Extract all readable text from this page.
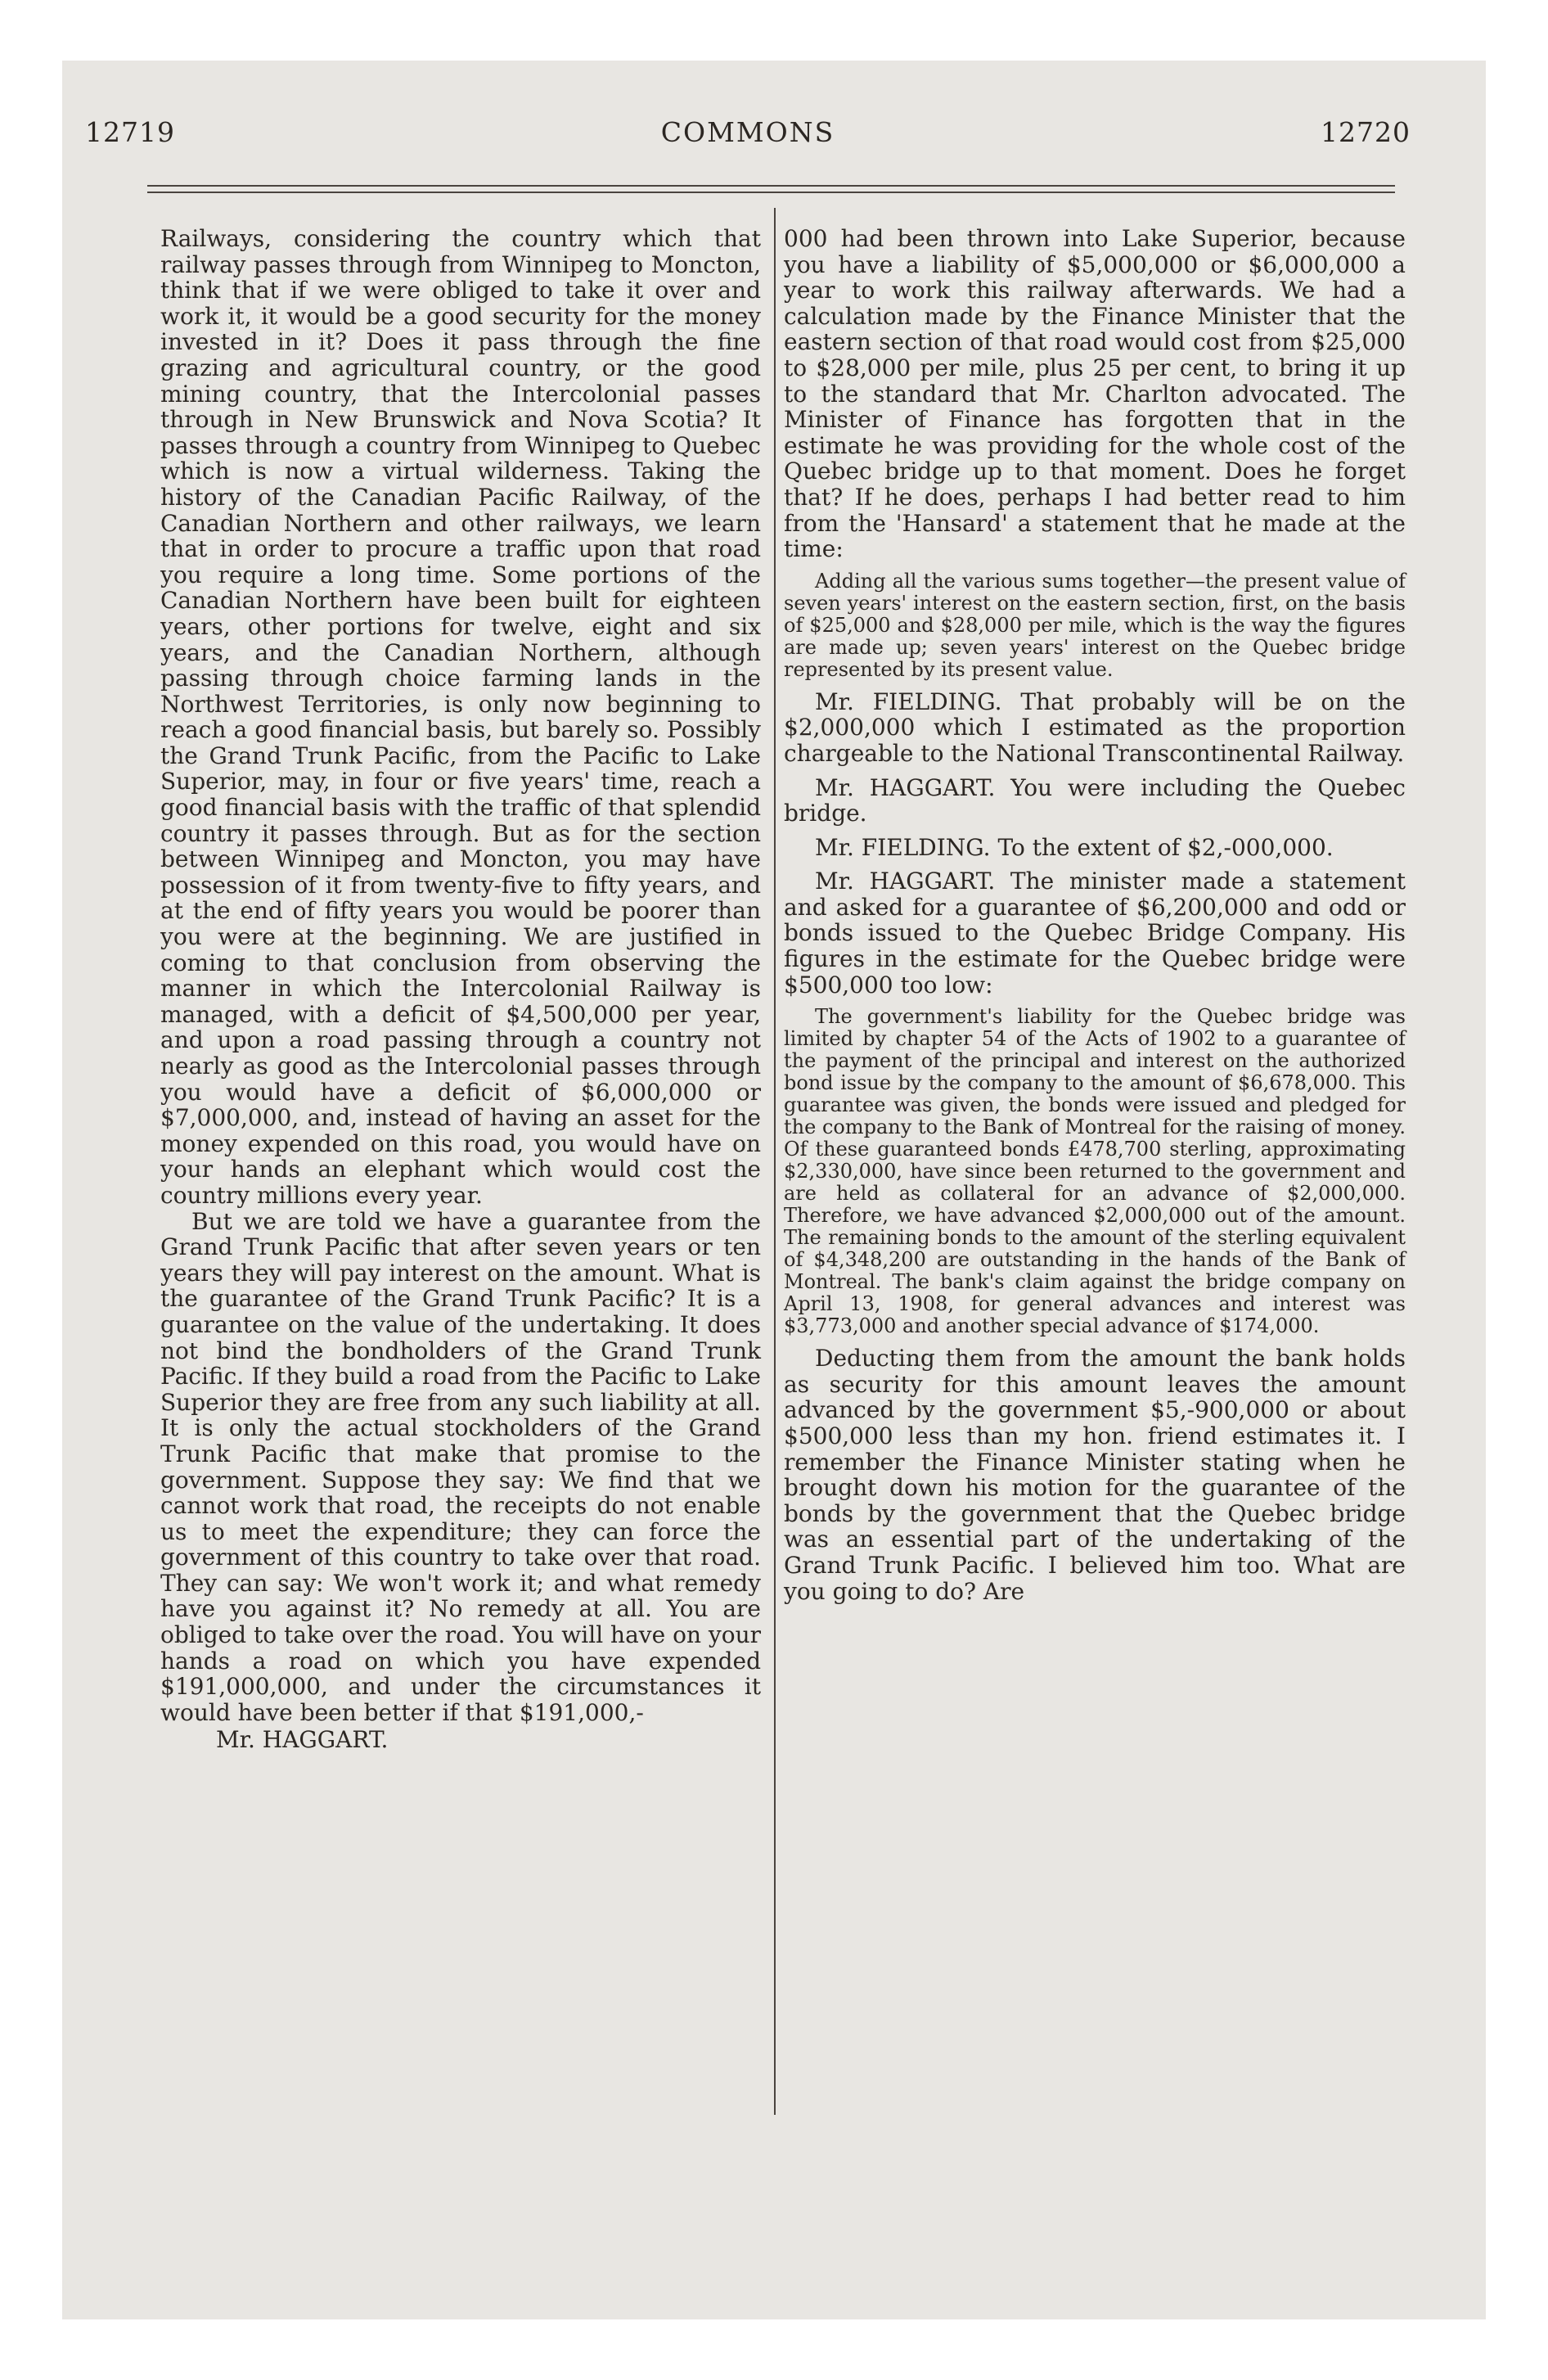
12719	COMMONS	12720

Railways, considering the country which that railway passes through from Winnipeg to Moncton, think that if we were obliged to take it over and work it, it would be a good security for the money invested in it? Does it pass through the fine grazing and agricultural country, or the good mining country, that the Intercolonial passes through in New Brunswick and Nova Scotia? It passes through a country from Winnipeg to Quebec which is now a virtual wilderness. Taking the history of the Canadian Pacific Railway, of the Canadian Northern and other railways, we learn that in order to procure a traffic upon that road you require a long time. Some portions of the Canadian Northern have been built for eighteen years, other portions for twelve, eight and six years, and the Canadian Northern, although passing through choice farming lands in the Northwest Territories, is only now beginning to reach a good financial basis, but barely so. Possibly the Grand Trunk Pacific, from the Pacific to Lake Superior, may, in four or five years' time, reach a good financial basis with the traffic of that splendid country it passes through. But as for the section between Winnipeg and Moncton, you may have possession of it from twenty-five to fifty years, and at the end of fifty years you would be poorer than you were at the beginning. We are justified in coming to that conclusion from observing the manner in which the Intercolonial Railway is managed, with a deficit of $4,500,000 per year, and upon a road passing through a country not nearly as good as the Intercolonial passes through you would have a deficit of $6,000,000 or $7,000,000, and, instead of having an asset for the money expended on this road, you would have on your hands an elephant which would cost the country millions every year.

But we are told we have a guarantee from the Grand Trunk Pacific that after seven years or ten years they will pay interest on the amount. What is the guarantee of the Grand Trunk Pacific? It is a guarantee on the value of the undertaking. It does not bind the bondholders of the Grand Trunk Pacific. If they build a road from the Pacific to Lake Superior they are free from any such liability at all. It is only the actual stockholders of the Grand Trunk Pacific that make that promise to the government. Suppose they say: We find that we cannot work that road, the receipts do not enable us to meet the expenditure; they can force the government of this country to take over that road. They can say: We won't work it; and what remedy have you against it? No remedy at all. You are obliged to take over the road. You will have on your hands a road on which you have expended $191,000,000, and under the circumstances it would have been better if that $191,000,-

Mr. HAGGART.

000 had been thrown into Lake Superior, because you have a liability of $5,000,000 or $6,000,000 a year to work this railway afterwards. We had a calculation made by the Finance Minister that the eastern section of that road would cost from $25,000 to $28,000 per mile, plus 25 per cent, to bring it up to the standard that Mr. Charlton advocated. The Minister of Finance has forgotten that in the estimate he was providing for the whole cost of the Quebec bridge up to that moment. Does he forget that? If he does, perhaps I had better read to him from the 'Hansard' a statement that he made at the time:

Adding all the various sums together—the present value of seven years' interest on the eastern section, first, on the basis of $25,000 and $28,000 per mile, which is the way the figures are made up; seven years' interest on the Quebec bridge represented by its present value.

Mr. FIELDING. That probably will be on the $2,000,000 which I estimated as the proportion chargeable to the National Transcontinental Railway.

Mr. HAGGART. You were including the Quebec bridge.

Mr. FIELDING. To the extent of $2,-000,000.

Mr. HAGGART. The minister made a statement and asked for a guarantee of $6,200,000 and odd or bonds issued to the Quebec Bridge Company. His figures in the estimate for the Quebec bridge were $500,000 too low:

The government's liability for the Quebec bridge was limited by chapter 54 of the Acts of 1902 to a guarantee of the payment of the principal and interest on the authorized bond issue by the company to the amount of $6,678,000. This guarantee was given, the bonds were issued and pledged for the company to the Bank of Montreal for the raising of money. Of these guaranteed bonds £478,700 sterling, approximating $2,330,000, have since been returned to the government and are held as collateral for an advance of $2,000,000. Therefore, we have advanced $2,000,000 out of the amount. The remaining bonds to the amount of the sterling equivalent of $4,348,200 are outstanding in the hands of the Bank of Montreal. The bank's claim against the bridge company on April 13, 1908, for general advances and interest was $3,773,000 and another special advance of $174,000.

Deducting them from the amount the bank holds as security for this amount leaves the amount advanced by the government $5,-900,000 or about $500,000 less than my hon. friend estimates it. I remember the Finance Minister stating when he brought down his motion for the guarantee of the bonds by the government that the Quebec bridge was an essential part of the undertaking of the Grand Trunk Pacific. I believed him too. What are you going to do? Are
